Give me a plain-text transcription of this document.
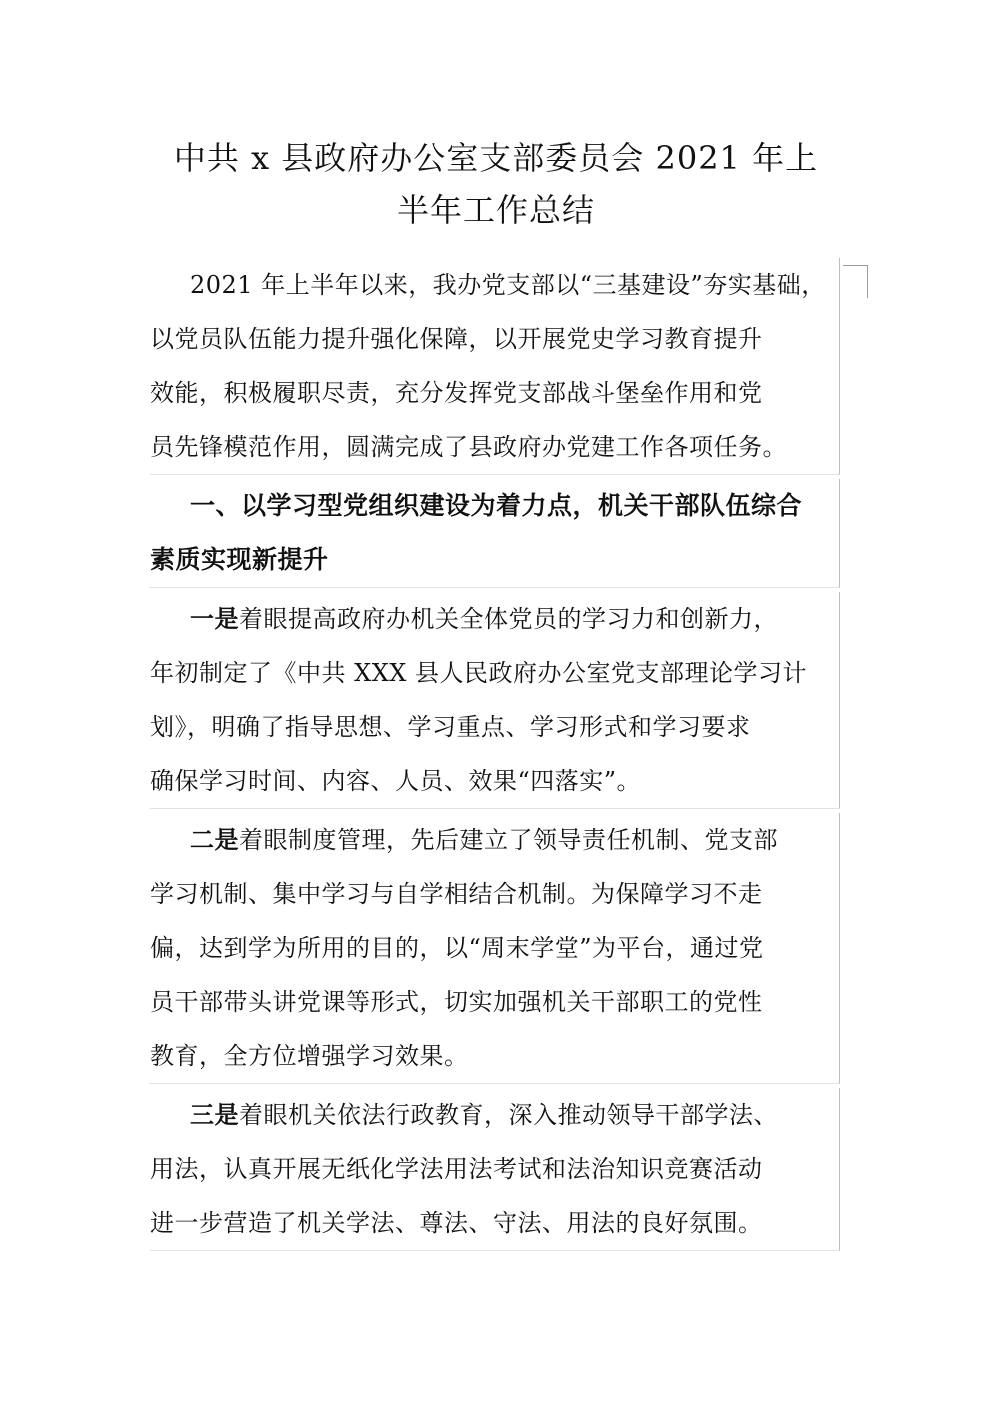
中共 x 县政府办公室支部委员会 2021 年上
半年工作总结
2021 年上半年以来，我办党支部以“三基建设”夯实基础，
以党员队伍能力提升强化保障，以开展党史学习教育提升
效能，积极履职尽责，充分发挥党支部战斗堡垒作用和党
员先锋模范作用，圆满完成了县政府办党建工作各项任务。
一、以学习型党组织建设为着力点，机关干部队伍综合
素质实现新提升
一是着眼提高政府办机关全体党员的学习力和创新力，
年初制定了《中共 XXX 县人民政府办公室党支部理论学习计
划》，明确了指导思想、学习重点、学习形式和学习要求
确保学习时间、内容、人员、效果“四落实”。
二是着眼制度管理，先后建立了领导责任机制、党支部
学习机制、集中学习与自学相结合机制。为保障学习不走
偏，达到学为所用的目的，以“周末学堂”为平台，通过党
员干部带头讲党课等形式，切实加强机关干部职工的党性
教育，全方位增强学习效果。
三是着眼机关依法行政教育，深入推动领导干部学法、
用法，认真开展无纸化学法用法考试和法治知识竞赛活动
进一步营造了机关学法、尊法、守法、用法的良好氛围。
